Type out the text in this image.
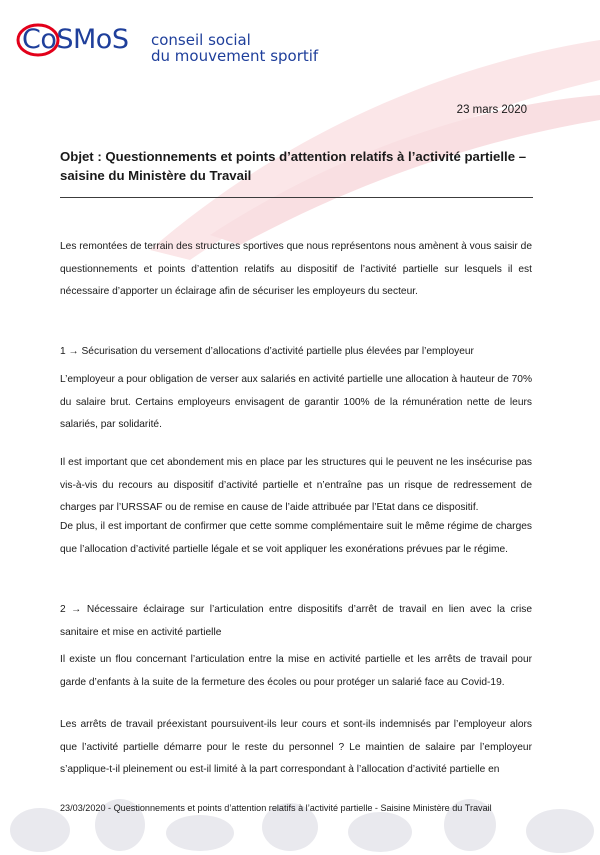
CoSMoS conseil social
du mouvement sportif
23 mars 2020
Objet : Questionnements et points d’attention relatifs à l’activité partielle – saisine du Ministère du Travail
Les remontées de terrain des structures sportives que nous représentons nous amènent à vous saisir de questionnements et points d’attention relatifs au dispositif de l’activité partielle sur lesquels il est nécessaire d’apporter un éclairage afin de sécuriser les employeurs du secteur.
1 → Sécurisation du versement d’allocations d’activité partielle plus élevées par l’employeur
L’employeur a pour obligation de verser aux salariés en activité partielle une allocation à hauteur de 70% du salaire brut. Certains employeurs envisagent de garantir 100% de la rémunération nette de leurs salariés, par solidarité.
Il est important que cet abondement mis en place par les structures qui le peuvent ne les insécurise pas vis-à-vis du recours au dispositif d’activité partielle et n’entraîne pas un risque de redressement de charges par l’URSSAF ou de remise en cause de l’aide attribuée par l’Etat dans ce dispositif.
De plus, il est important de confirmer que cette somme complémentaire suit le même régime de charges que l’allocation d’activité partielle légale et se voit appliquer les exonérations prévues par le régime.
2 → Nécessaire éclairage sur l’articulation entre dispositifs d’arrêt de travail en lien avec la crise sanitaire et mise en activité partielle
Il existe un flou concernant l’articulation entre la mise en activité partielle et les arrêts de travail pour garde d’enfants à la suite de la fermeture des écoles ou pour protéger un salarié face au Covid-19.
Les arrêts de travail préexistant poursuivent-ils leur cours et sont-ils indemnisés par l’employeur alors que l’activité partielle démarre pour le reste du personnel ? Le maintien de salaire par l’employeur s’applique-t-il pleinement ou est-il limité à la part correspondant à l’allocation d’activité partielle en
23/03/2020 - Questionnements et points d’attention relatifs à l’activité partielle - Saisine Ministère du Travail
